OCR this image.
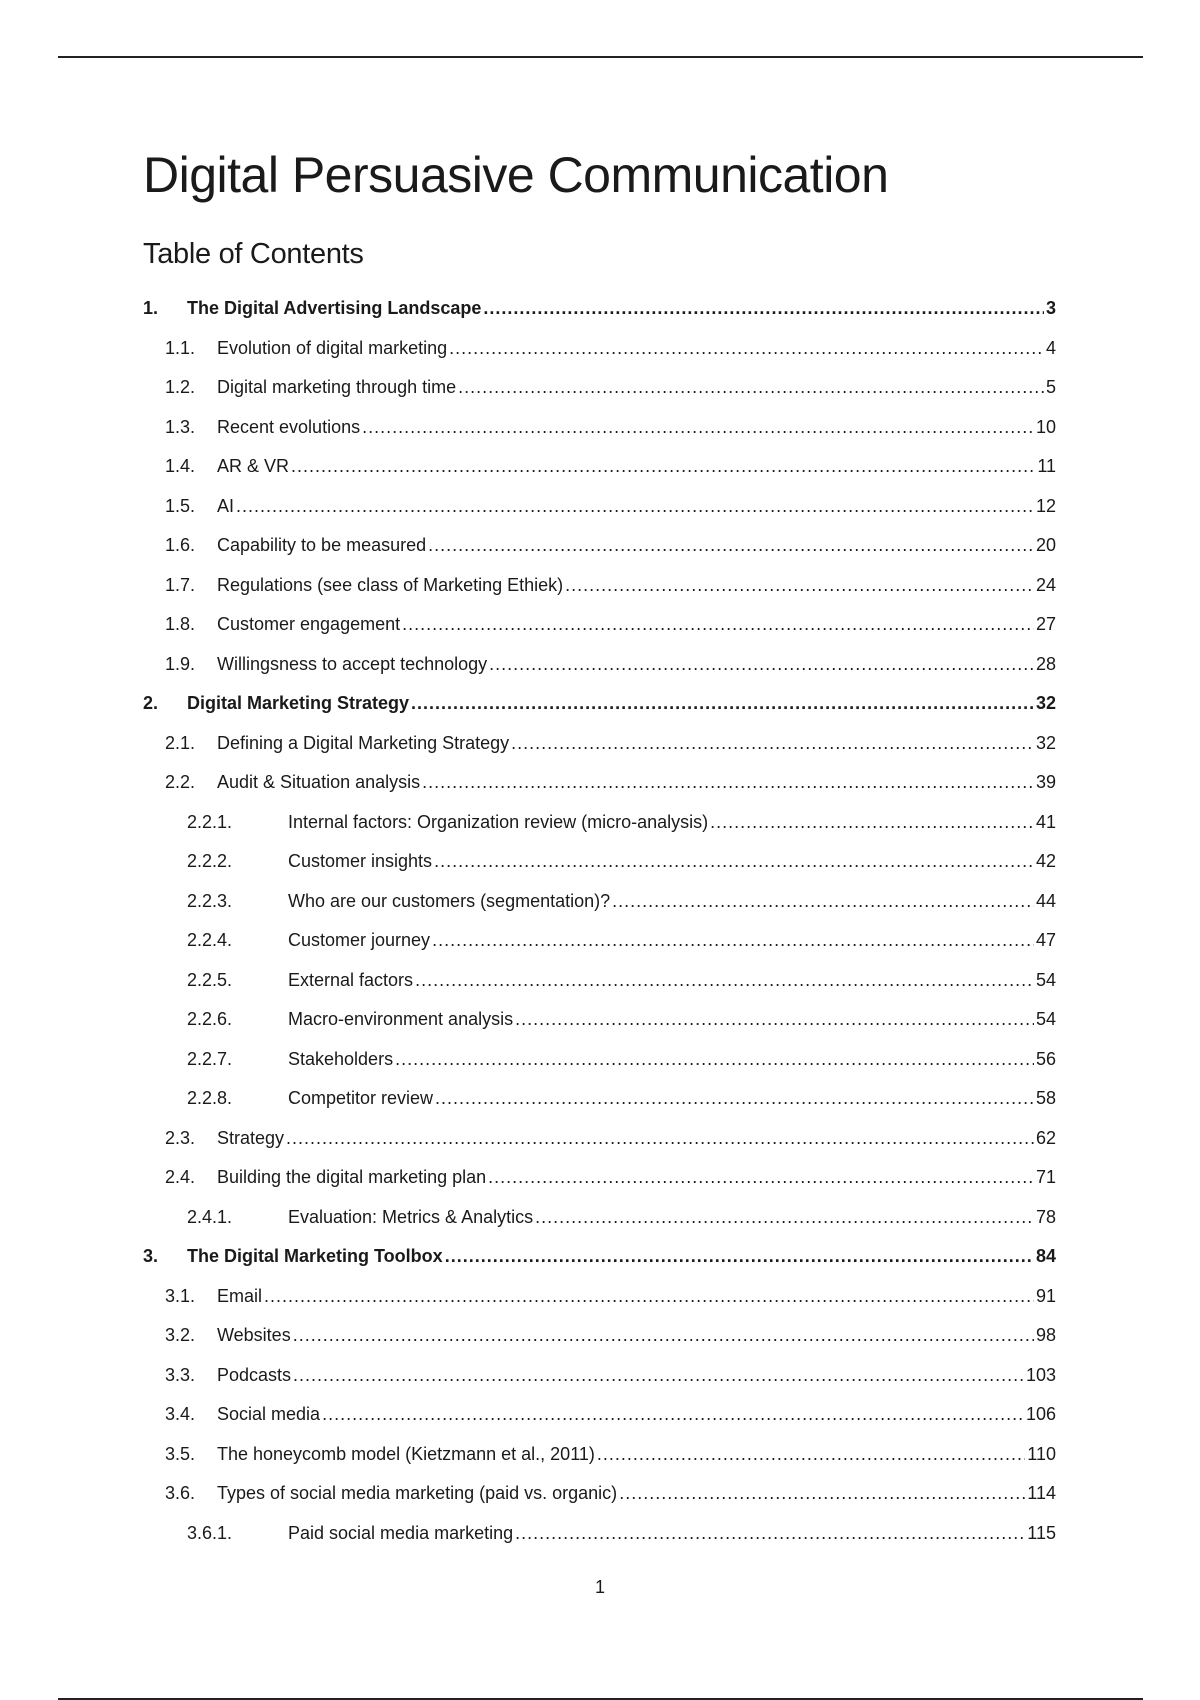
Digital Persuasive Communication
Table of Contents
1.	The Digital Advertising Landscape .....	3
1.1.	Evolution of digital marketing .....	4
1.2.	Digital marketing through time .....	5
1.3.	Recent evolutions .....	10
1.4.	AR & VR .....	11
1.5.	AI .....	12
1.6.	Capability to be measured .....	20
1.7.	Regulations (see class of Marketing Ethiek) .....	24
1.8.	Customer engagement .....	27
1.9.	Willingsness to accept technology .....	28
2.	Digital Marketing Strategy .....	32
2.1.	Defining a Digital Marketing Strategy .....	32
2.2.	Audit & Situation analysis .....	39
2.2.1.	Internal factors: Organization review (micro-analysis) .....	41
2.2.2.	Customer insights .....	42
2.2.3.	Who are our customers (segmentation)? .....	44
2.2.4.	Customer journey .....	47
2.2.5.	External factors .....	54
2.2.6.	Macro-environment analysis .....	54
2.2.7.	Stakeholders .....	56
2.2.8.	Competitor review .....	58
2.3.	Strategy .....	62
2.4.	Building the digital marketing plan .....	71
2.4.1.	Evaluation: Metrics & Analytics .....	78
3.	The Digital Marketing Toolbox .....	84
3.1.	Email .....	91
3.2.	Websites .....	98
3.3.	Podcasts .....	103
3.4.	Social media .....	106
3.5.	The honeycomb model (Kietzmann et al., 2011) .....	110
3.6.	Types of social media marketing (paid vs. organic) .....	114
3.6.1.	Paid social media marketing .....	115
1
